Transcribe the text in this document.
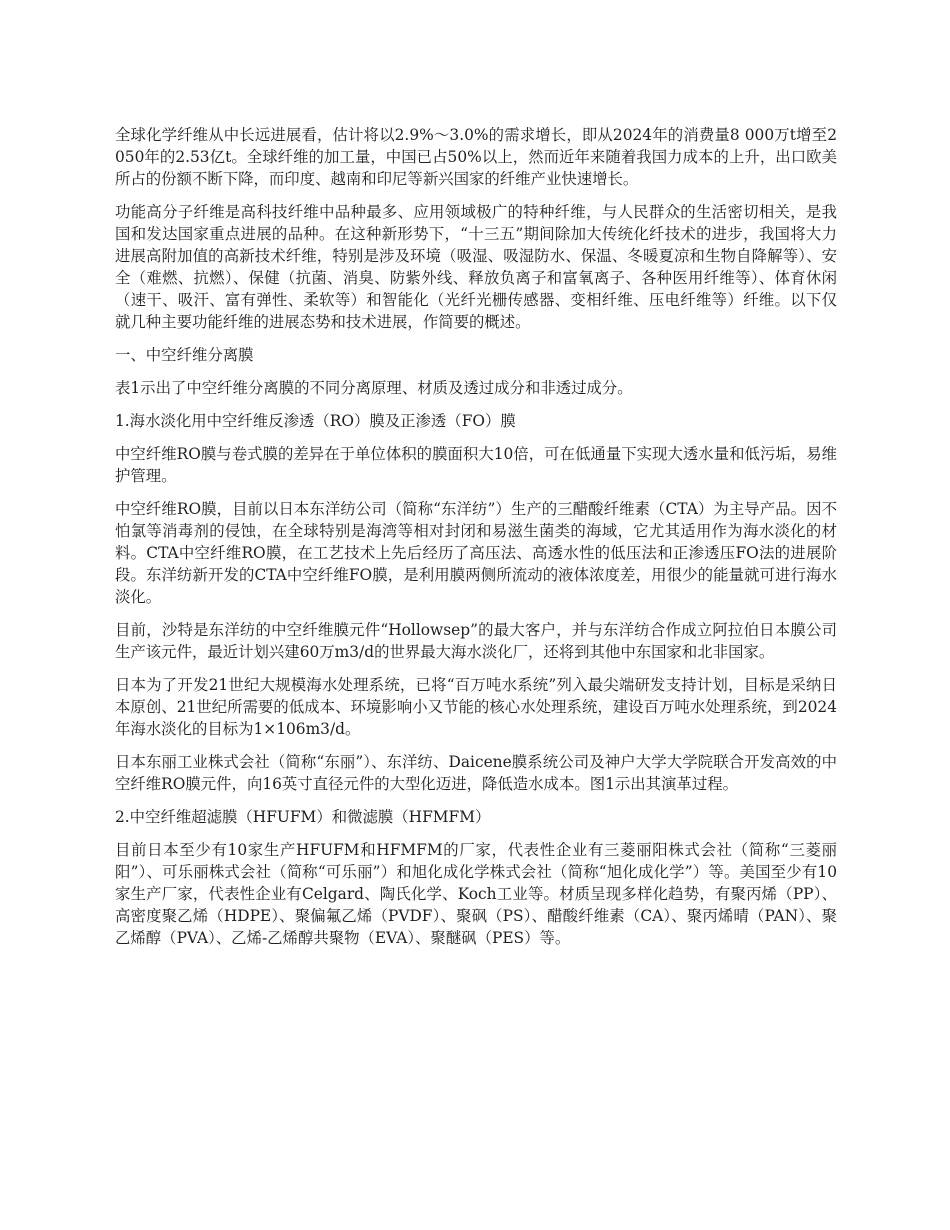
全球化学纤维从中长远进展看，估计将以2.9%～3.0%的需求增长，即从2024年的消费量8 000万t增至2050年的2.53亿t。全球纤维的加工量，中国已占50%以上，然而近年来随着我国力成本的上升，出口欧美所占的份额不断下降，而印度、越南和印尼等新兴国家的纤维产业快速增长。

功能高分子纤维是高科技纤维中品种最多、应用领域极广的特种纤维，与人民群众的生活密切相关，是我国和发达国家重点进展的品种。在这种新形势下，“十三五”期间除加大传统化纤技术的进步，我国将大力进展高附加值的高新技术纤维，特别是涉及环境（吸湿、吸湿防水、保温、冬暖夏凉和生物自降解等）、安全（难燃、抗燃）、保健（抗菌、消臭、防紫外线、释放负离子和富氧离子、各种医用纤维等）、体育休闲（速干、吸汗、富有弹性、柔软等）和智能化（光纤光栅传感器、变相纤维、压电纤维等）纤维。以下仅就几种主要功能纤维的进展态势和技术进展，作简要的概述。

一、中空纤维分离膜

表1示出了中空纤维分离膜的不同分离原理、材质及透过成分和非透过成分。

1.海水淡化用中空纤维反渗透（RO）膜及正渗透（FO）膜

中空纤维RO膜与卷式膜的差异在于单位体积的膜面积大10倍，可在低通量下实现大透水量和低污垢，易维护管理。

中空纤维RO膜，目前以日本东洋纺公司（简称“东洋纺”）生产的三醋酸纤维素（CTA）为主导产品。因不怕氯等消毒剂的侵蚀，在全球特别是海湾等相对封闭和易滋生菌类的海域，它尤其适用作为海水淡化的材料。CTA中空纤维RO膜，在工艺技术上先后经历了高压法、高透水性的低压法和正渗透压FO法的进展阶段。东洋纺新开发的CTA中空纤维FO膜，是利用膜两侧所流动的液体浓度差，用很少的能量就可进行海水淡化。

目前，沙特是东洋纺的中空纤维膜元件“Hollowsep”的最大客户，并与东洋纺合作成立阿拉伯日本膜公司生产该元件，最近计划兴建60万m3/d的世界最大海水淡化厂，还将到其他中东国家和北非国家。

日本为了开发21世纪大规模海水处理系统，已将“百万吨水系统”列入最尖端研发支持计划，目标是采纳日本原创、21世纪所需要的低成本、环境影响小又节能的核心水处理系统，建设百万吨水处理系统，到2024年海水淡化的目标为1×106m3/d。

日本东丽工业株式会社（简称“东丽”）、东洋纺、Daicene膜系统公司及神户大学大学院联合开发高效的中空纤维RO膜元件，向16英寸直径元件的大型化迈进，降低造水成本。图1示出其演革过程。

2.中空纤维超滤膜（HFUFM）和微滤膜（HFMFM）

目前日本至少有10家生产HFUFM和HFMFM的厂家，代表性企业有三菱丽阳株式会社（简称“三菱丽阳”）、可乐丽株式会社（简称“可乐丽”）和旭化成化学株式会社（简称“旭化成化学”）等。美国至少有10家生产厂家，代表性企业有Celgard、陶氏化学、Koch工业等。材质呈现多样化趋势，有聚丙烯（PP）、高密度聚乙烯（HDPE）、聚偏氟乙烯（PVDF）、聚砜（PS）、醋酸纤维素（CA）、聚丙烯晴（PAN）、聚乙烯醇（PVA）、乙烯-乙烯醇共聚物（EVA）、聚醚砜（PES）等。
